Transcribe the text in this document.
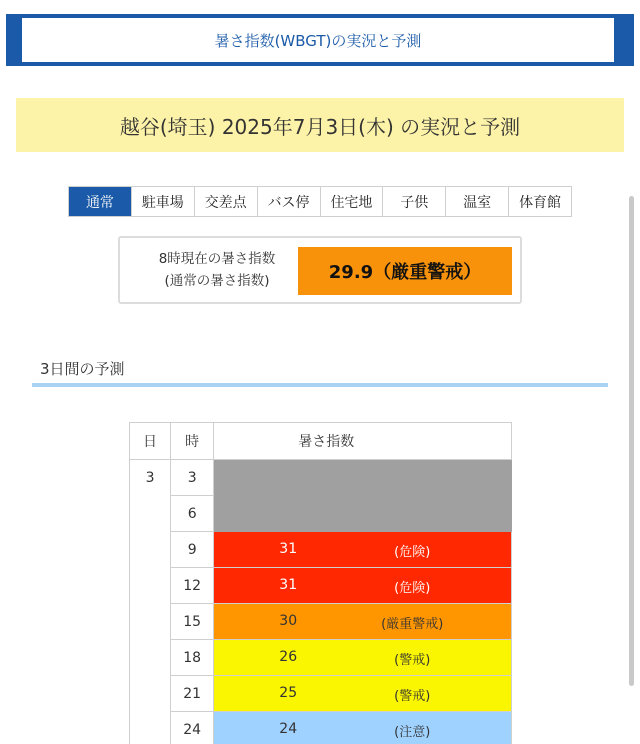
暑さ指数(WBGT)の実況と予測
越谷(埼玉) 2025年7月3日(木) の実況と予測
通常	駐車場	交差点	バス停	住宅地	子供	温室	体育館
8時現在の暑さ指数
(通常の暑さ指数)	29.9（厳重警戒）
3日間の予測
日	時	暑さ指数
3	3	

	6	

	9	31 (危険)

	12	31 (危険)

	15	30 (厳重警戒)

	18	26 (警戒)

	21	25 (警戒)

	24	24 (注意)
